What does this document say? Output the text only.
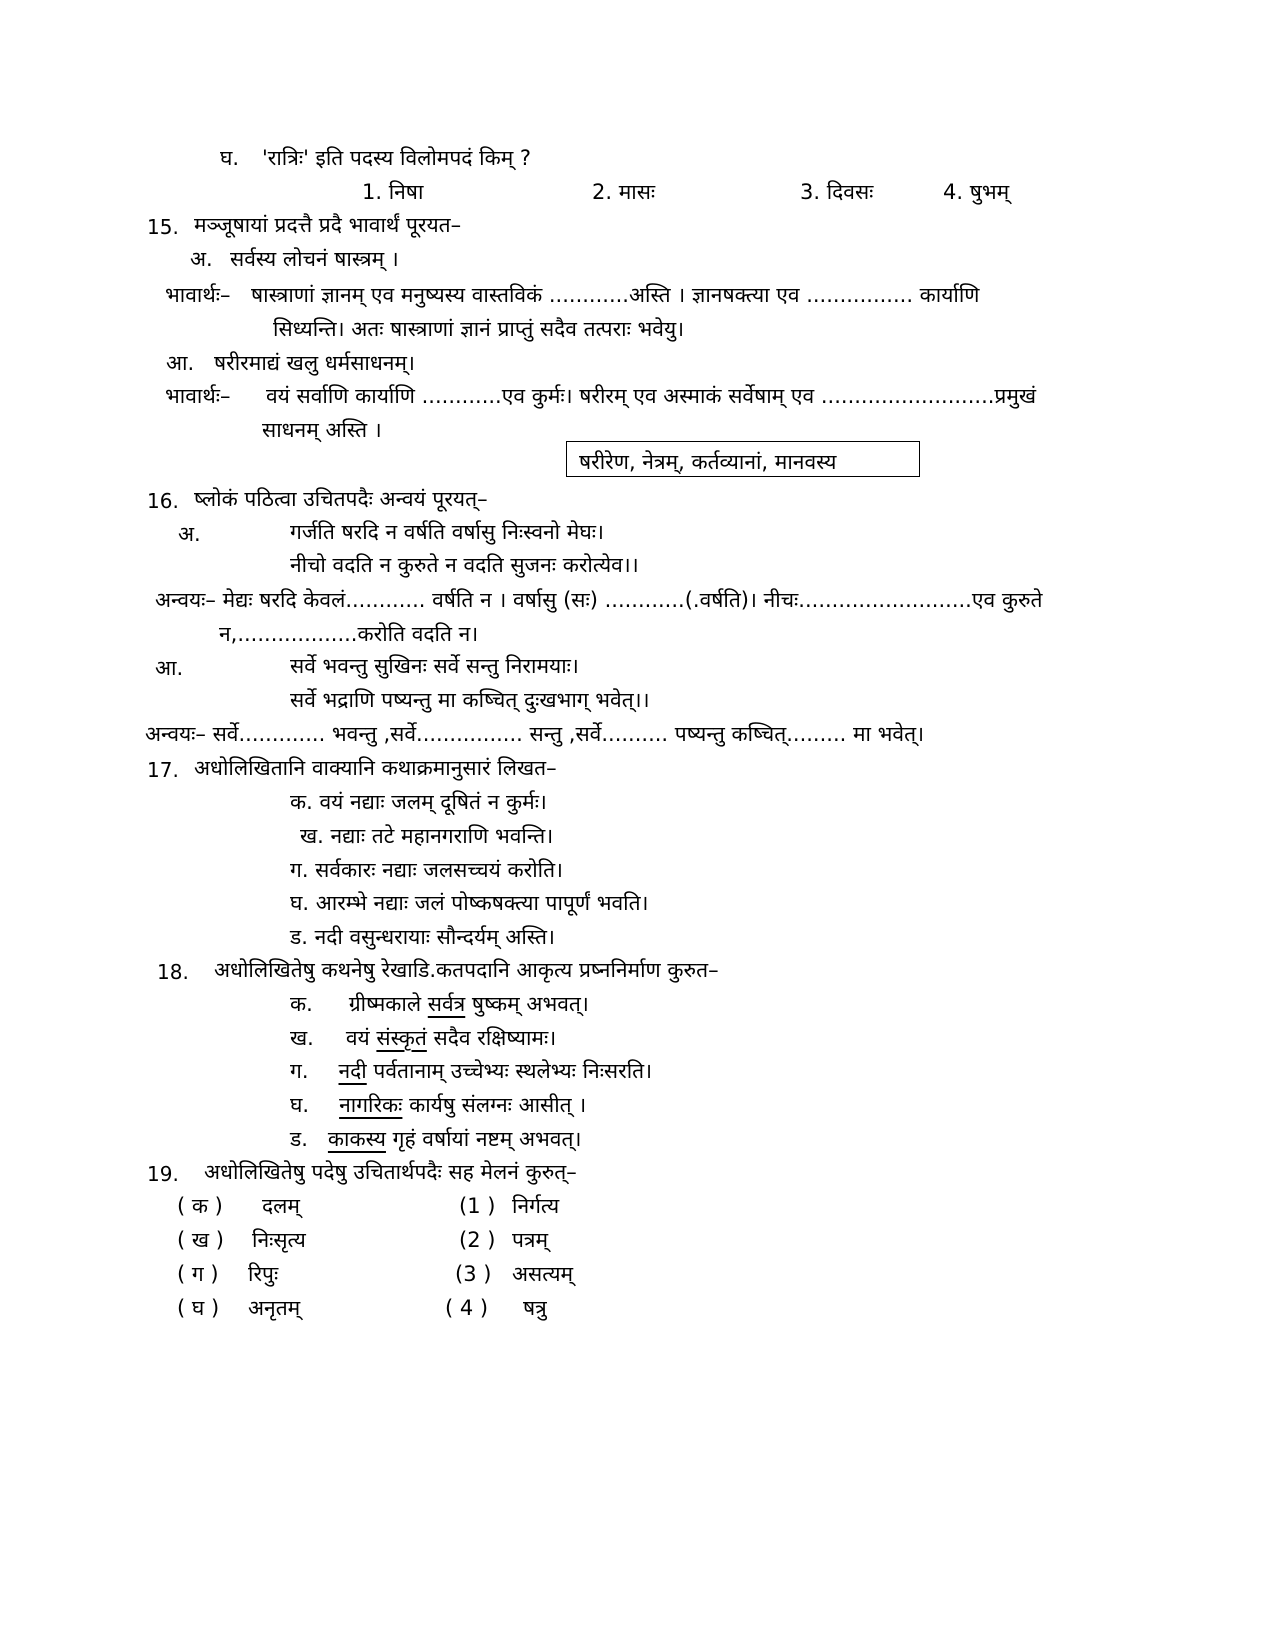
घ. 'रात्रिः' इति पदस्य विलोमपदं किम् ?
1. निषा	2. मासः	3. दिवसः	4. षुभम्
15. मञ्जूषायां प्रदत्तै प्रदै भावार्थं पूरयत–
अ. सर्वस्य लोचनं षास्त्रम् ।
भावार्थः– षास्त्राणां ज्ञानम् एव मनुष्यस्य वास्तविकं ............अस्ति । ज्ञानषक्त्या एव ................ कार्याणि
सिध्यन्ति। अतः षास्त्राणां ज्ञानं प्राप्तुं सदैव तत्पराः भवेयु।
आ. षरीरमाद्यं खलु धर्मसाधनम्।
भावार्थः– वयं सर्वाणि कार्याणि ............एव कुर्मः। षरीरम् एव अस्माकं सर्वेषाम् एव ..........................प्रमुखं
साधनम् अस्ति ।
षरीरेण, नेत्रम्, कर्तव्यानां, मानवस्य
16. ष्लोकं पठित्वा उचितपदैः अन्वयं पूरयत्–
अ.	गर्जति षरदि न वर्षति वर्षासु निःस्वनो मेघः।
नीचो वदति न कुरुते न वदति सुजनः करोत्येव।।
अन्वयः– मेद्यः षरदि केवलं............ वर्षति न । वर्षासु (सः) ............(.वर्षति)। नीचः..........................एव कुरुते
न,..................करोति वदति न।
आ.	सर्वे भवन्तु सुखिनः सर्वे सन्तु निरामयाः।
सर्वे भद्राणि पष्यन्तु मा कष्चित् दुःखभाग् भवेत्।।
अन्वयः– सर्वे............. भवन्तु ,सर्वे................ सन्तु ,सर्वे.......... पष्यन्तु कष्चित्......... मा भवेत्।
17. अधोलिखितानि वाक्यानि कथाक्रमानुसारं लिखत–
क. वयं नद्याः जलम् दूषितं न कुर्मः।
ख. नद्याः तटे महानगराणि भवन्ति।
ग. सर्वकारः नद्याः जलसच्चयं करोति।
घ. आरम्भे नद्याः जलं पोष्कषक्त्या पापूर्णं भवति।
ड. नदी वसुन्धरायाः सौन्दर्यम् अस्ति।
18. अधोलिखितेषु कथनेषु रेखाडि.कतपदानि आकृत्य प्रष्ननिर्माण कुरुत–
क. ग्रीष्मकाले सर्वत्र षुष्कम् अभवत्।
ख. वयं संस्कृतं सदैव रक्षिष्यामः।
ग. नदी पर्वतानाम् उच्चेभ्यः स्थलेभ्यः निःसरति।
घ. नागरिकः कार्यषु संलग्नः आसीत् ।
ड. काकस्य गृहं वर्षायां नष्टम् अभवत्।
19. अधोलिखितेषु पदेषु उचितार्थपदैः सह मेलनं कुरुत्–
( क ) दलम्	(1 ) निर्गत्य
( ख ) निःसृत्य	(2 ) पत्रम्
( ग ) रिपुः	(3 ) असत्यम्
( घ ) अनृतम्	( 4 ) षत्रु
